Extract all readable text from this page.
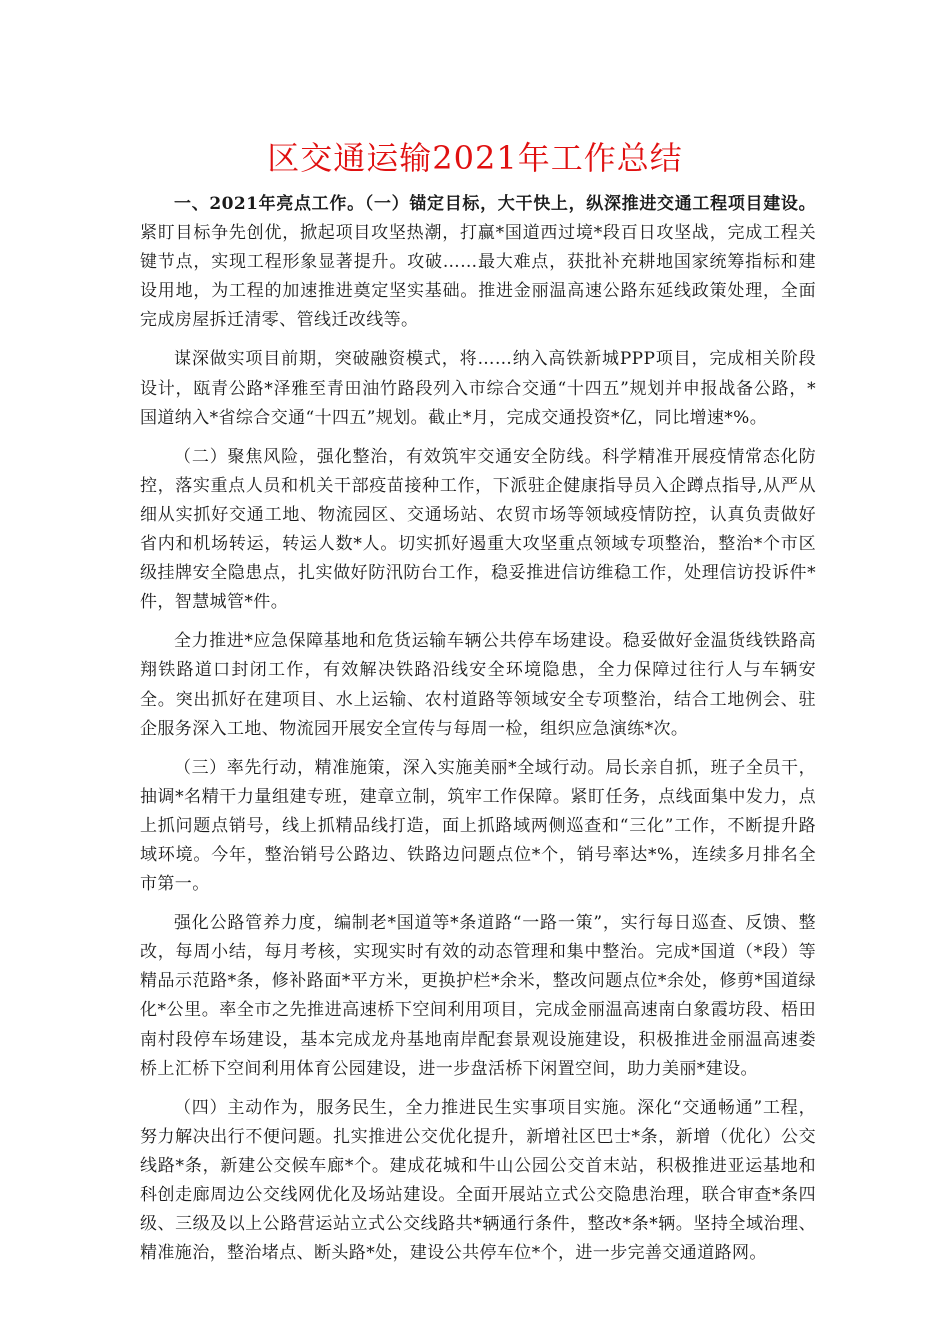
区交通运输2021年工作总结

一、2021年亮点工作。（一）锚定目标，大干快上，纵深推进交通工程项目建设。紧盯目标争先创优，掀起项目攻坚热潮，打赢*国道西过境*段百日攻坚战，完成工程关键节点，实现工程形象显著提升。攻破……最大难点，获批补充耕地国家统筹指标和建设用地，为工程的加速推进奠定坚实基础。推进金丽温高速公路东延线政策处理，全面完成房屋拆迁清零、管线迁改线等。

谋深做实项目前期，突破融资模式，将……纳入高铁新城PPP项目，完成相关阶段设计，瓯青公路*泽雅至青田油竹路段列入市综合交通“十四五”规划并申报战备公路，*国道纳入*省综合交通“十四五”规划。截止*月，完成交通投资*亿，同比增速*%。

（二）聚焦风险，强化整治，有效筑牢交通安全防线。科学精准开展疫情常态化防控，落实重点人员和机关干部疫苗接种工作，下派驻企健康指导员入企蹲点指导,从严从细从实抓好交通工地、物流园区、交通场站、农贸市场等领域疫情防控，认真负责做好省内和机场转运，转运人数*人。切实抓好遏重大攻坚重点领域专项整治，整治*个市区级挂牌安全隐患点，扎实做好防汛防台工作，稳妥推进信访维稳工作，处理信访投诉件*件，智慧城管*件。

全力推进*应急保障基地和危货运输车辆公共停车场建设。稳妥做好金温货线铁路高翔铁路道口封闭工作，有效解决铁路沿线安全环境隐患，全力保障过往行人与车辆安全。突出抓好在建项目、水上运输、农村道路等领域安全专项整治，结合工地例会、驻企服务深入工地、物流园开展安全宣传与每周一检，组织应急演练*次。

（三）率先行动，精准施策，深入实施美丽*全域行动。局长亲自抓，班子全员干，抽调*名精干力量组建专班，建章立制，筑牢工作保障。紧盯任务，点线面集中发力，点上抓问题点销号，线上抓精品线打造，面上抓路域两侧巡查和“三化”工作，不断提升路域环境。今年，整治销号公路边、铁路边问题点位*个，销号率达*%，连续多月排名全市第一。

强化公路管养力度，编制老*国道等*条道路“一路一策”，实行每日巡查、反馈、整改，每周小结，每月考核，实现实时有效的动态管理和集中整治。完成*国道（*段）等精品示范路*条，修补路面*平方米，更换护栏*余米，整改问题点位*余处，修剪*国道绿化*公里。率全市之先推进高速桥下空间利用项目，完成金丽温高速南白象霞坊段、梧田南村段停车场建设，基本完成龙舟基地南岸配套景观设施建设，积极推进金丽温高速娄桥上汇桥下空间利用体育公园建设，进一步盘活桥下闲置空间，助力美丽*建设。

（四）主动作为，服务民生，全力推进民生实事项目实施。深化“交通畅通”工程，努力解决出行不便问题。扎实推进公交优化提升，新增社区巴士*条，新增（优化）公交线路*条，新建公交候车廊*个。建成花城和牛山公园公交首末站，积极推进亚运基地和科创走廊周边公交线网优化及场站建设。全面开展站立式公交隐患治理，联合审查*条四级、三级及以上公路营运站立式公交线路共*辆通行条件，整改*条*辆。坚持全域治理、精准施治，整治堵点、断头路*处，建设公共停车位*个，进一步完善交通道路网。
